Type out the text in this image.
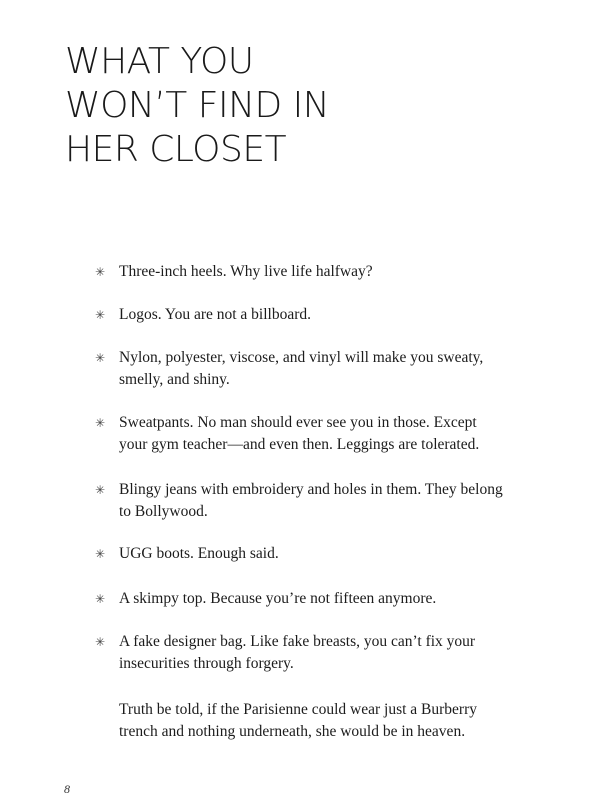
WHAT YOU
WON’T FIND IN
HER CLOSET
✳ Three-inch heels. Why live life halfway?
✳ Logos. You are not a billboard.
✳ Nylon, polyester, viscose, and vinyl will make you sweaty,
smelly, and shiny.
✳ Sweatpants. No man should ever see you in those. Except
your gym teacher—and even then. Leggings are tolerated.
✳ Blingy jeans with embroidery and holes in them. They belong
to Bollywood.
✳ UGG boots. Enough said.
✳ A skimpy top. Because you’re not fifteen anymore.
✳ A fake designer bag. Like fake breasts, you can’t fix your
insecurities through forgery.

Truth be told, if the Parisienne could wear just a Burberry
trench and nothing underneath, she would be in heaven.

8
